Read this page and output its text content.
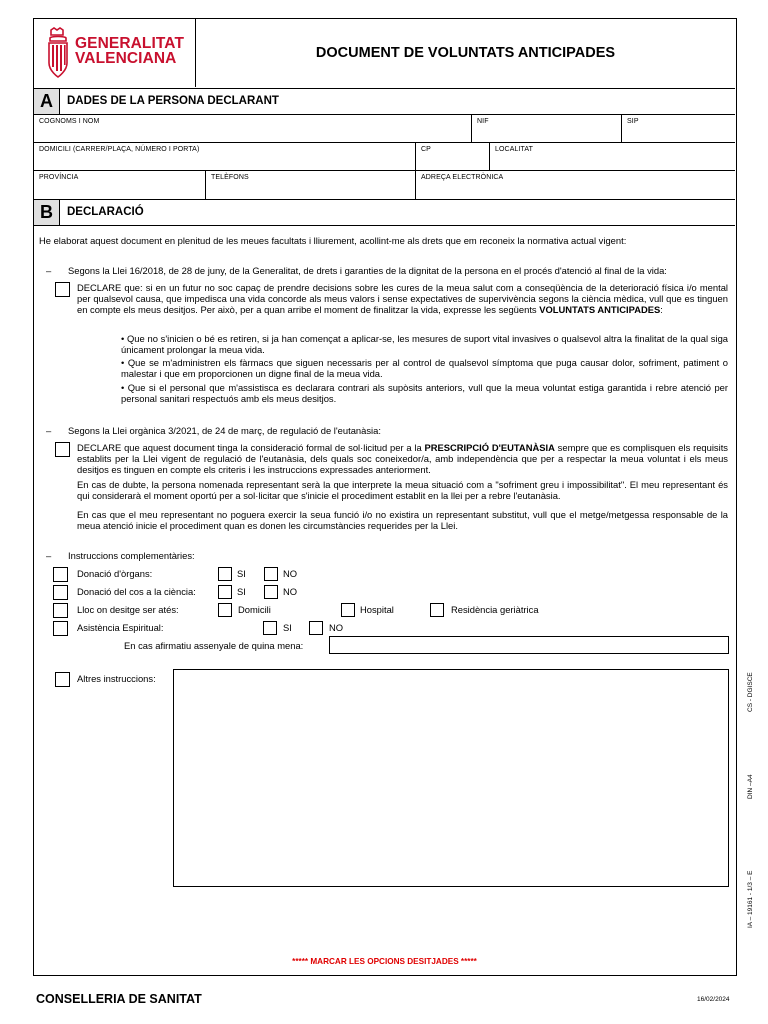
GENERALITAT
VALENCIANA	DOCUMENT DE VOLUNTATS ANTICIPADES
A	DADES DE LA PERSONA DECLARANT
COGNOMS I NOM	NIF	SIP
DOMICILI (CARRER/PLAÇA, NÚMERO I PORTA)	CP	LOCALITAT
PROVÍNCIA	TELÈFONS	ADREÇA ELECTRÒNICA
B	DECLARACIÓ
He elaborat aquest document en plenitud de les meues facultats i lliurement, acollint-me als drets que em reconeix la normativa actual vigent:
– Segons la Llei 16/2018, de 28 de juny, de la Generalitat, de drets i garanties de la dignitat de la persona en el procés d'atenció al final de la vida:
DECLARE que: si en un futur no soc capaç de prendre decisions sobre les cures de la meua salut com a conseqüència de la deterioració física i/o mental per qualsevol causa, que impedisca una vida concorde als meus valors i sense expectatives de supervivència segons la ciència mèdica, vull que es tinguen en compte els meus desitjos. Per això, per a quan arribe el moment de finalitzar la vida, expresse les següents VOLUNTATS ANTICIPADES:
• Que no s'inicien o bé es retiren, si ja han començat a aplicar-se, les mesures de suport vital invasives o qualsevol altra la finalitat de la qual siga únicament prolongar la meua vida.
• Que se m'administren els fàrmacs que siguen necessaris per al control de qualsevol símptoma que puga causar dolor, sofriment, patiment o malestar i que em proporcionen un digne final de la meua vida.
• Que si el personal que m'assistisca es declarara contrari als supòsits anteriors, vull que la meua voluntat estiga garantida i rebre atenció per personal sanitari respectuós amb els meus desitjos.
– Segons la Llei orgànica 3/2021, de 24 de març, de regulació de l'eutanàsia:
DECLARE que aquest document tinga la consideració formal de sol·licitud per a la PRESCRIPCIÓ D'EUTANÀSIA sempre que es complisquen els requisits establits per la Llei vigent de regulació de l'eutanàsia, dels quals soc coneixedor/a, amb independència que per a respectar la meua voluntat i els meus desitjos es tinguen en compte els criteris i les instruccions expressades anteriorment.
En cas de dubte, la persona nomenada representant serà la que interprete la meua situació com a "sofriment greu i impossibilitat". El meu representant és qui considerarà el moment oportú per a sol·licitar que s'inicie el procediment establit en la llei per a rebre l'eutanàsia.
En cas que el meu representant no poguera exercir la seua funció i/o no existira un representant substitut, vull que el metge/metgessa responsable de la meua atenció inicie el procediment quan es donen les circumstàncies requerides per la Llei.
– Instruccions complementàries:
Donació d'òrgans:	SI	NO
Donació del cos a la ciència:	SI	NO
Lloc on desitge ser atés:	Domicili	Hospital	Residència geriàtrica
Asistència Espiritual:	SI	NO
En cas afirmatiu assenyale de quina mena:
Altres instruccions:
***** MARCAR LES OPCIONS DESITJADES *****
CS - DGISCE
DIN –A4
IA – 19161 - 1/3 – E
CONSELLERIA DE SANITAT	16/02/2024
